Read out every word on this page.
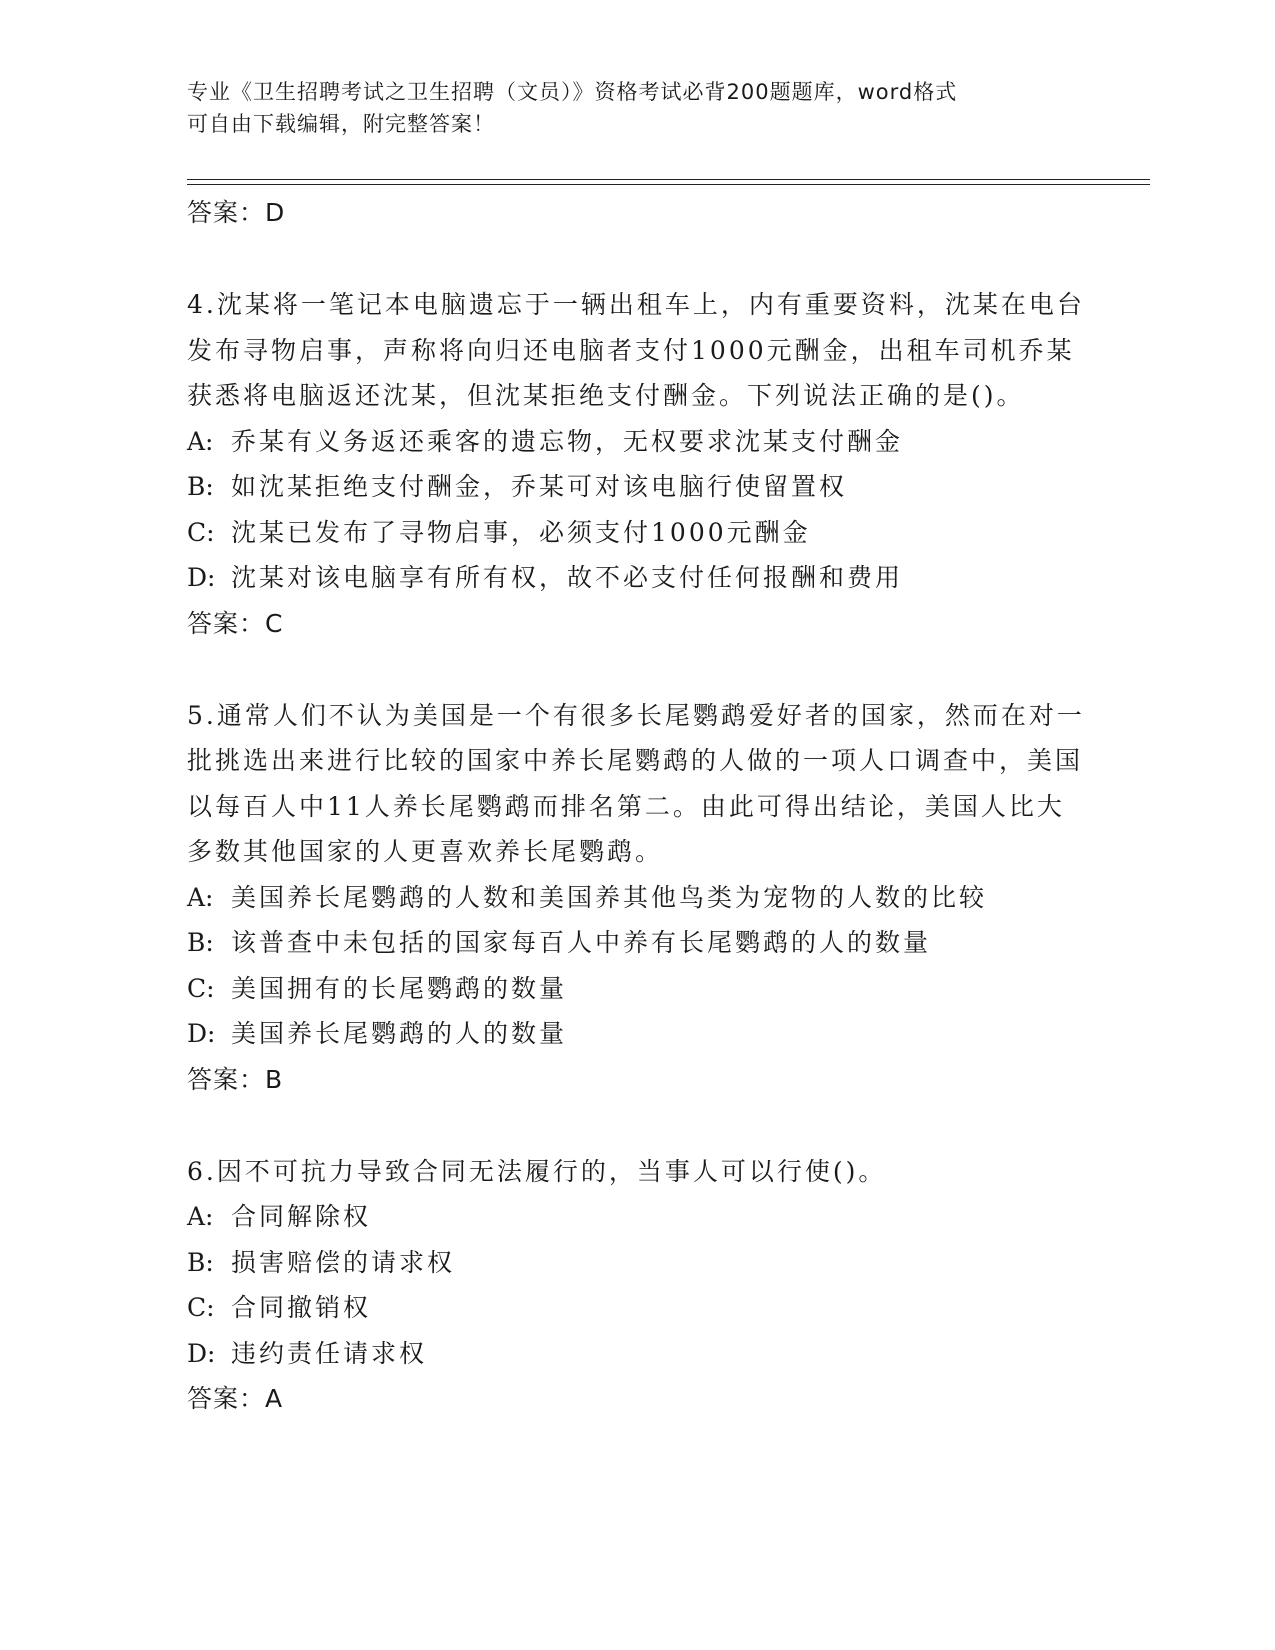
专业《卫生招聘考试之卫生招聘（文员）》资格考试必背200题题库，word格式
可自由下载编辑，附完整答案！
答案：D
4.沈某将一笔记本电脑遗忘于一辆出租车上，内有重要资料，沈某在电台发布寻物启事，声称将向归还电脑者支付1000元酬金，出租车司机乔某获悉将电脑返还沈某，但沈某拒绝支付酬金。下列说法正确的是()。
A: 乔某有义务返还乘客的遗忘物，无权要求沈某支付酬金
B: 如沈某拒绝支付酬金，乔某可对该电脑行使留置权
C: 沈某已发布了寻物启事，必须支付1000元酬金
D: 沈某对该电脑享有所有权，故不必支付任何报酬和费用
答案：C
5.通常人们不认为美国是一个有很多长尾鹦鹉爱好者的国家，然而在对一批挑选出来进行比较的国家中养长尾鹦鹉的人做的一项人口调查中，美国以每百人中11人养长尾鹦鹉而排名第二。由此可得出结论，美国人比大多数其他国家的人更喜欢养长尾鹦鹉。
A: 美国养长尾鹦鹉的人数和美国养其他鸟类为宠物的人数的比较
B: 该普查中未包括的国家每百人中养有长尾鹦鹉的人的数量
C: 美国拥有的长尾鹦鹉的数量
D: 美国养长尾鹦鹉的人的数量
答案：B
6.因不可抗力导致合同无法履行的，当事人可以行使()。
A: 合同解除权
B: 损害赔偿的请求权
C: 合同撤销权
D: 违约责任请求权
答案：A
